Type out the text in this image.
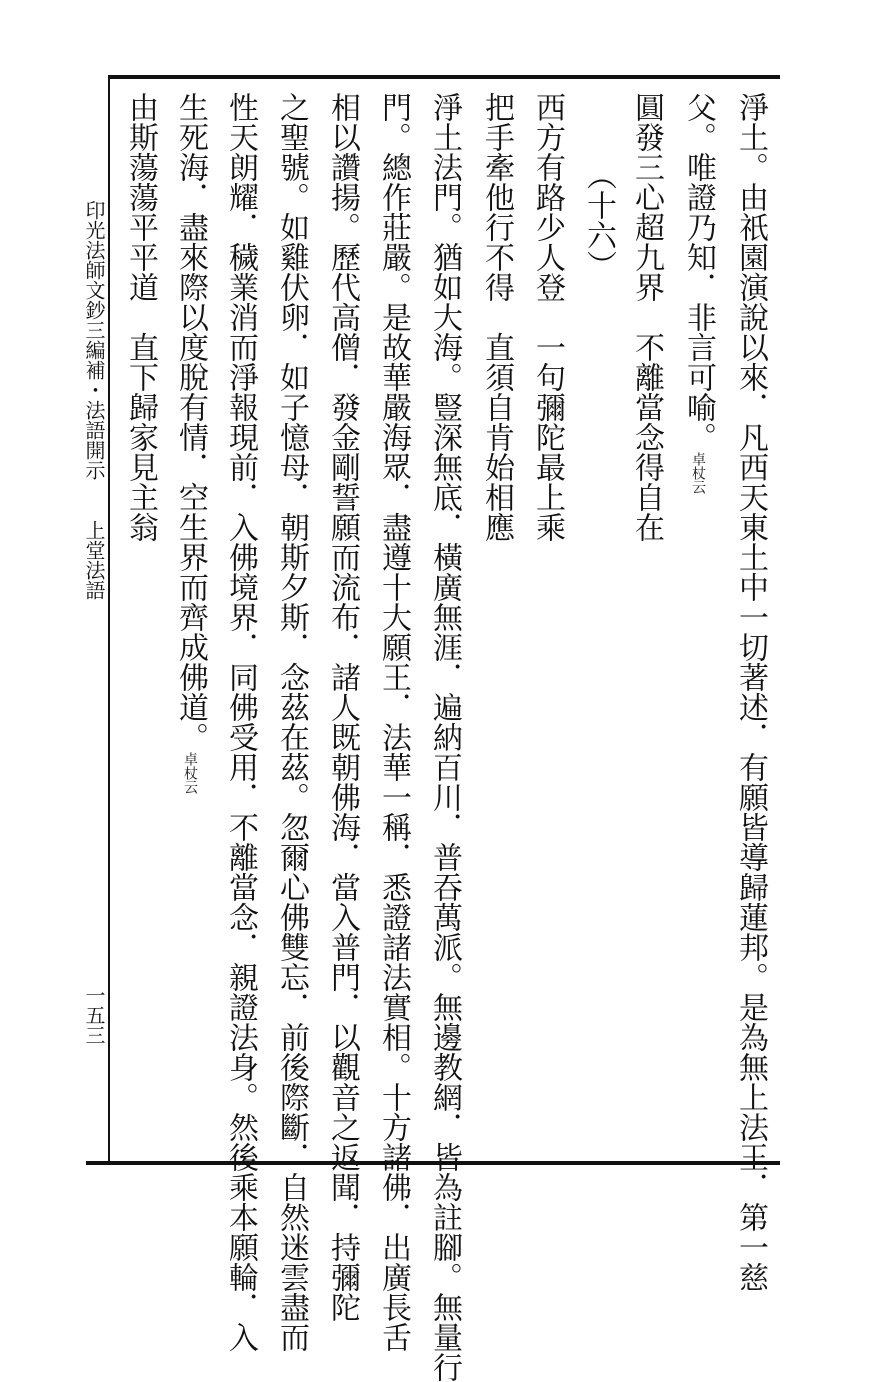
印光法師文鈔三編補・法語開示
上堂法語
一五三	淨土。由祇園演說以來．凡西天東土中一切著述．有願皆導歸蓮邦。是為無上法王．第一慈
父。唯證乃知．非言可喻。卓杖云
圓發三心超九界不離當念得自在
（十六）
西方有路少人登一句彌陀最上乘
把手牽他行不得直須自肯始相應
淨土法門。猶如大海。豎深無底．橫廣無涯．遍納百川．普吞萬派。無邊教網．皆為註腳。無量行
門。總作莊嚴。是故華嚴海眾．盡遵十大願王．法華一稱．悉證諸法實相。十方諸佛．出廣長舌
相以讚揚。歷代高僧．發金剛誓願而流布．諸人既朝佛海．當入普門．以觀音之返聞．持彌陀
之聖號。如雞伏卵．如子憶母．朝斯夕斯．念茲在茲。忽爾心佛雙忘．前後際斷．自然迷雲盡而
性天朗耀．穢業消而淨報現前．入佛境界．同佛受用．不離當念．親證法身。然後乘本願輪．入
生死海．盡來際以度脫有情．空生界而齊成佛道。卓杖云
由斯蕩蕩平平道直下歸家見主翁
